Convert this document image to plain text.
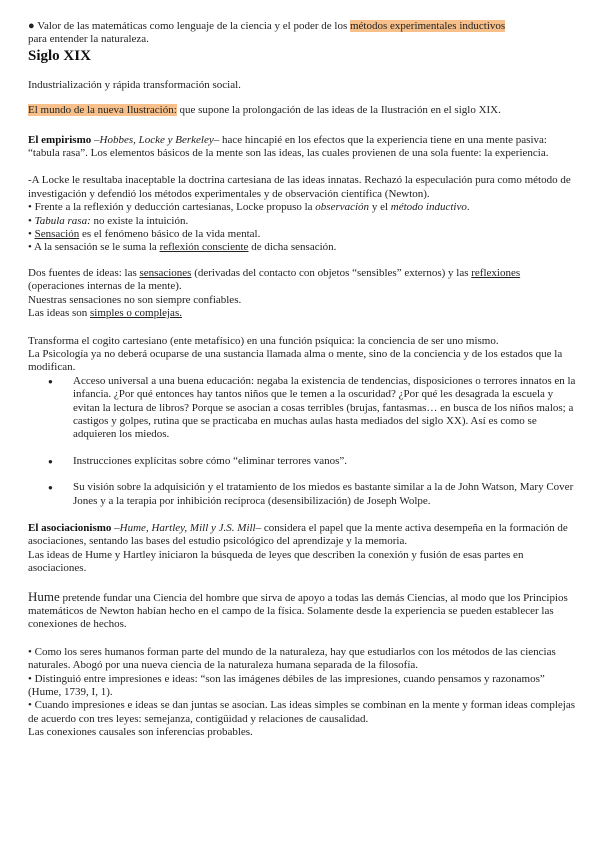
● Valor de las matemáticas como lenguaje de la ciencia y el poder de los métodos experimentales inductivos
para entender la naturaleza.

Siglo XIX

Industrialización y rápida transformación social.

El mundo de la nueva Ilustración: que supone la prolongación de las ideas de la Ilustración en el siglo XIX.

El empirismo –Hobbes, Locke y Berkeley– hace hincapié en los efectos que la experiencia tiene en una mente pasiva: “tabula rasa”. Los elementos básicos de la mente son las ideas, las cuales provienen de una sola fuente: la experiencia.

-A Locke le resultaba inaceptable la doctrina cartesiana de las ideas innatas. Rechazó la especulación pura como método de investigación y defendió los métodos experimentales y de observación científica (Newton).

• Frente a la reflexión y deducción cartesianas, Locke propuso la observación y el método inductivo.

• Tabula rasa: no existe la intuición.

• Sensación es el fenómeno básico de la vida mental.

• A la sensación se le suma la reflexión consciente de dicha sensación.

Dos fuentes de ideas: las sensaciones (derivadas del contacto con objetos “sensibles” externos) y las reflexiones (operaciones internas de la mente).

Nuestras sensaciones no son siempre confiables.

Las ideas son simples o complejas.

Transforma el cogito cartesiano (ente metafísico) en una función psíquica: la conciencia de ser uno mismo.

La Psicología ya no deberá ocuparse de una sustancia llamada alma o mente, sino de la conciencia y de los estados que la modifican.

● Acceso universal a una buena educación: negaba la existencia de tendencias, disposiciones o terrores innatos en la infancia. ¿Por qué entonces hay tantos niños que le temen a la oscuridad? ¿Por qué les desagrada la escuela y evitan la lectura de libros? Porque se asocian a cosas terribles (brujas, fantasmas… en busca de los niños malos; a castigos y golpes, rutina que se practicaba en muchas aulas hasta mediados del siglo XX). Así es como se adquieren los miedos.
● Instrucciones explícitas sobre cómo “eliminar terrores vanos”.
● Su visión sobre la adquisición y el tratamiento de los miedos es bastante similar a la de John Watson, Mary Cover Jones y a la terapia por inhibición recíproca (desensibilización) de Joseph Wolpe.

El asociacionismo –Hume, Hartley, Mill y J.S. Mill– considera el papel que la mente activa desempeña en la formación de asociaciones, sentando las bases del estudio psicológico del aprendizaje y la memoria.

Las ideas de Hume y Hartley iniciaron la búsqueda de leyes que describen la conexión y fusión de esas partes en asociaciones.

Hume pretende fundar una Ciencia del hombre que sirva de apoyo a todas las demás Ciencias, al modo que los Principios matemáticos de Newton habían hecho en el campo de la física. Solamente desde la experiencia se pueden establecer las conexiones de hechos.

• Como los seres humanos forman parte del mundo de la naturaleza, hay que estudiarlos con los métodos de las ciencias naturales. Abogó por una nueva ciencia de la naturaleza humana separada de la filosofía.

• Distinguió entre impresiones e ideas: “son las imágenes débiles de las impresiones, cuando pensamos y razonamos” (Hume, 1739, I, 1).

• Cuando impresiones e ideas se dan juntas se asocian. Las ideas simples se combinan en la mente y forman ideas complejas de acuerdo con tres leyes: semejanza, contigüidad y relaciones de causalidad.

Las conexiones causales son inferencias probables.
